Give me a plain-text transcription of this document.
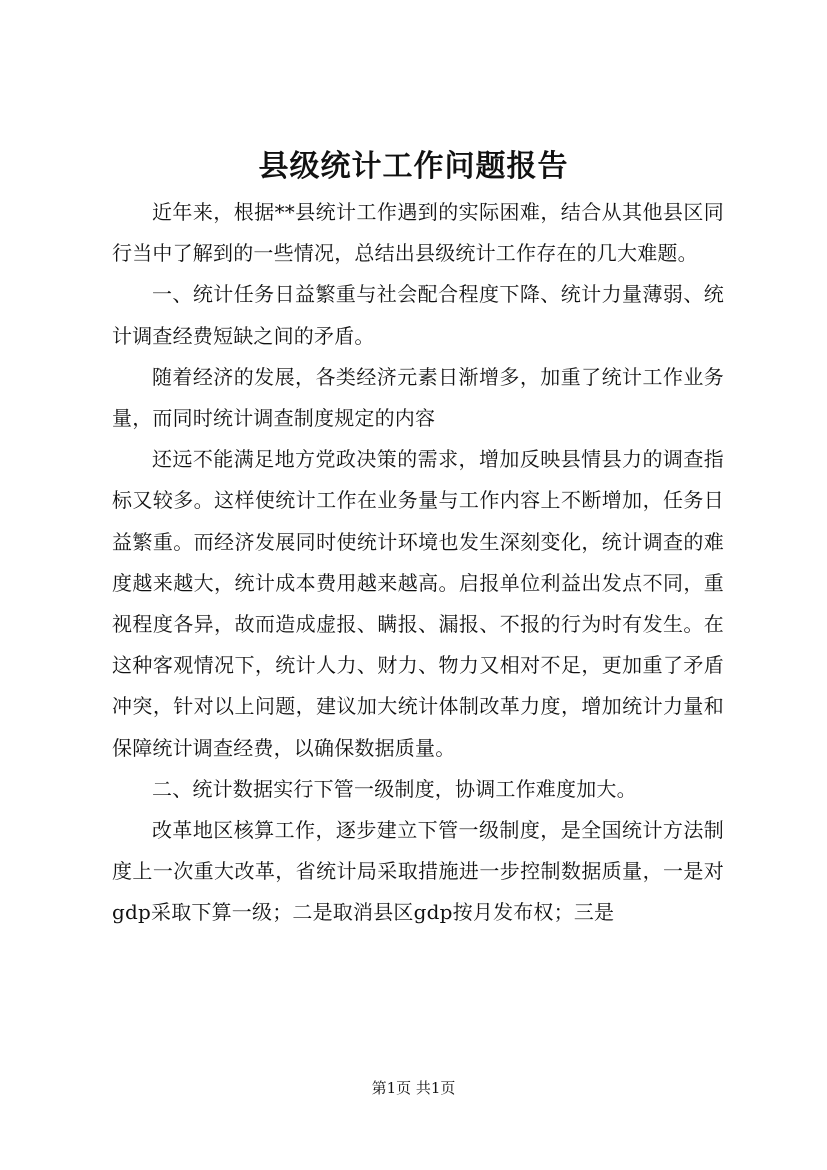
县级统计工作问题报告

近年来，根据**县统计工作遇到的实际困难，结合从其他县区同行当中了解到的一些情况，总结出县级统计工作存在的几大难题。

一、统计任务日益繁重与社会配合程度下降、统计力量薄弱、统计调查经费短缺之间的矛盾。

随着经济的发展，各类经济元素日渐增多，加重了统计工作业务量，而同时统计调查制度规定的内容

还远不能满足地方党政决策的需求，增加反映县情县力的调查指标又较多。这样使统计工作在业务量与工作内容上不断增加，任务日益繁重。而经济发展同时使统计环境也发生深刻变化，统计调查的难度越来越大，统计成本费用越来越高。启报单位利益出发点不同，重视程度各异，故而造成虚报、瞒报、漏报、不报的行为时有发生。在这种客观情况下，统计人力、财力、物力又相对不足，更加重了矛盾冲突，针对以上问题，建议加大统计体制改革力度，增加统计力量和保障统计调查经费，以确保数据质量。

二、统计数据实行下管一级制度，协调工作难度加大。

改革地区核算工作，逐步建立下管一级制度，是全国统计方法制度上一次重大改革，省统计局采取措施进一步控制数据质量，一是对gdp采取下算一级；二是取消县区gdp按月发布权；三是

第1页 共1页
